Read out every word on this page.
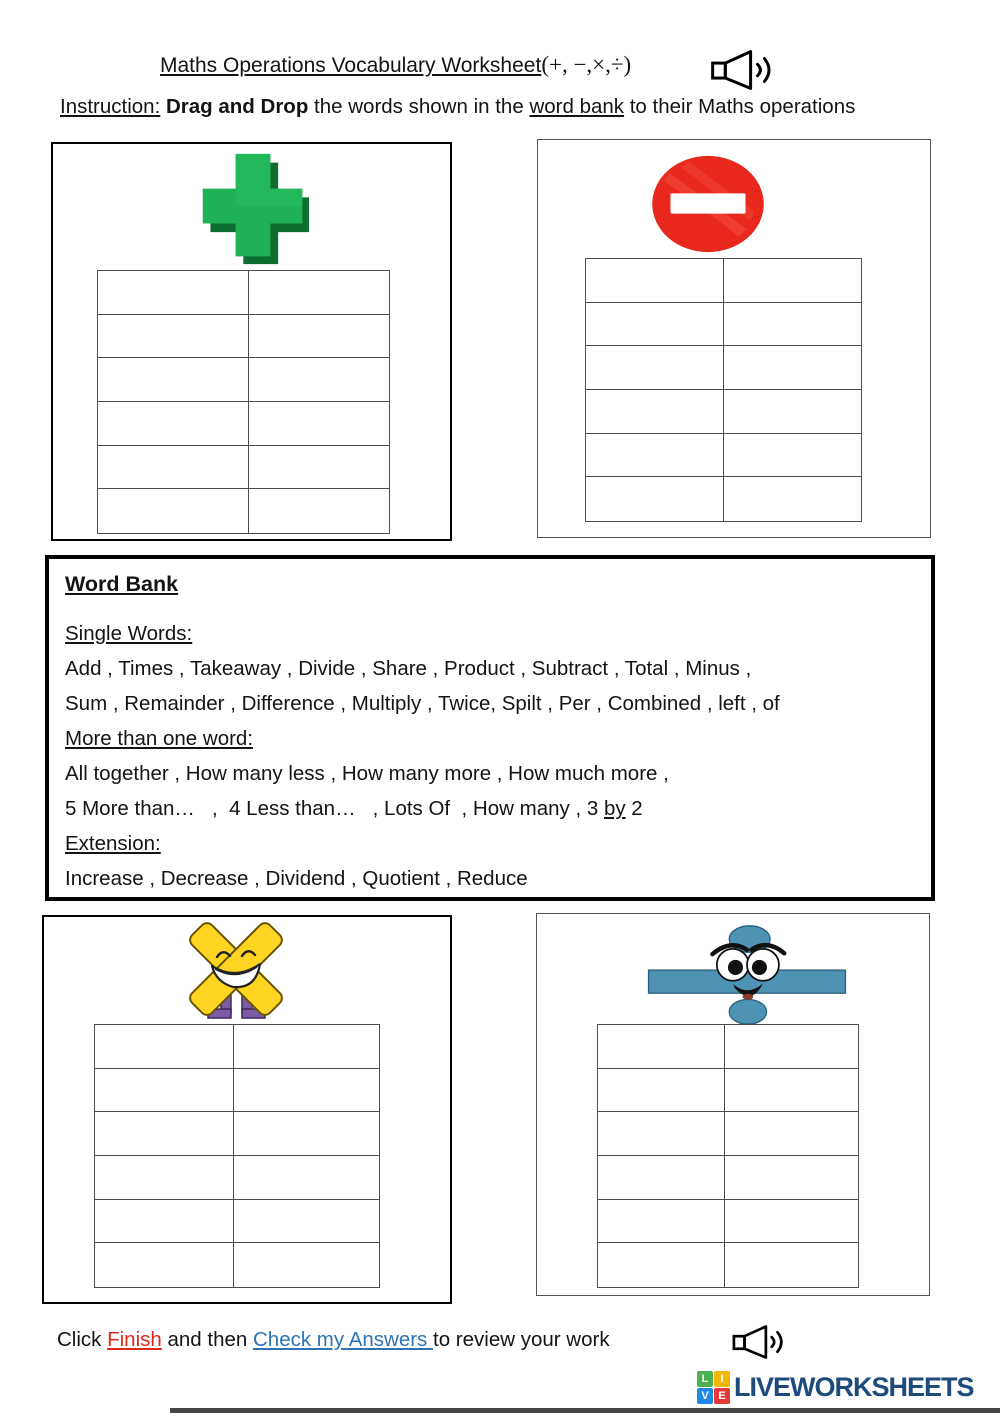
Maths Operations Vocabulary Worksheet(+, −,×,÷)
Instruction: Drag and Drop the words shown in the word bank to their Maths operations
Word Bank
Single Words:
Add , Times , Takeaway , Divide , Share , Product , Subtract , Total , Minus ,
Sum , Remainder , Difference , Multiply , Twice, Spilt , Per , Combined , left , of
More than one word:
All together , How many less , How many more , How much more ,
5 More than…   ,  4 Less than…   , Lots Of  , How many , 3 by 2
Extension:
Increase , Decrease , Dividend , Quotient , Reduce
Click Finish and then Check my Answers to review your work
L	I
V E LIVEWORKSHEETS
